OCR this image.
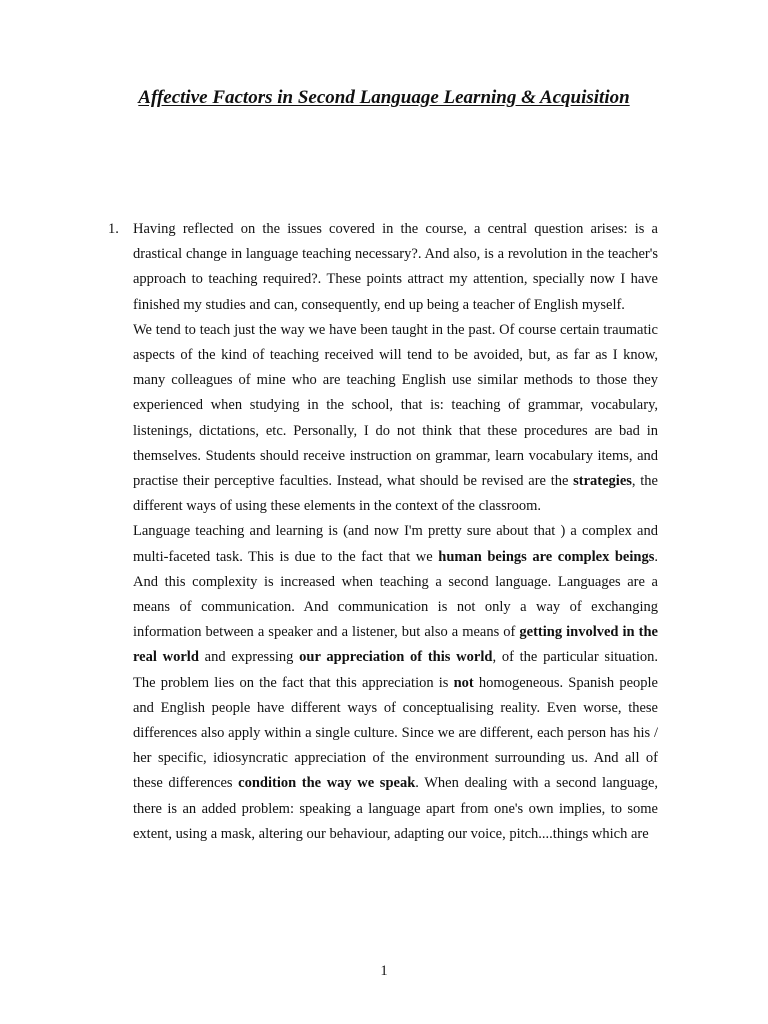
Affective Factors in Second Language Learning & Acquisition
1. Having reflected on the issues covered in the course, a central question arises: is a drastical change in language teaching necessary?. And also, is a revolution in the teacher's approach to teaching required?. These points attract my attention, specially now I have finished my studies and can, consequently, end up being a teacher of English myself.

We tend to teach just the way we have been taught in the past. Of course certain traumatic aspects of the kind of teaching received will tend to be avoided, but, as far as I know, many colleagues of mine who are teaching English use similar methods to those they experienced when studying in the school, that is: teaching of grammar, vocabulary, listenings, dictations, etc. Personally, I do not think that these procedures are bad in themselves. Students should receive instruction on grammar, learn vocabulary items, and practise their perceptive faculties. Instead, what should be revised are the strategies, the different ways of using these elements in the context of the classroom.

Language teaching and learning is (and now I'm pretty sure about that ) a complex and multi-faceted task. This is due to the fact that we human beings are complex beings. And this complexity is increased when teaching a second language. Languages are a means of communication. And communication is not only a way of exchanging information between a speaker and a listener, but also a means of getting involved in the real world and expressing our appreciation of this world, of the particular situation. The problem lies on the fact that this appreciation is not homogeneous. Spanish people and English people have different ways of conceptualising reality. Even worse, these differences also apply within a single culture. Since we are different, each person has his / her specific, idiosyncratic appreciation of the environment surrounding us. And all of these differences condition the way we speak. When dealing with a second language, there is an added problem: speaking a language apart from one's own implies, to some extent, using a mask, altering our behaviour, adapting our voice, pitch....things which are

1
